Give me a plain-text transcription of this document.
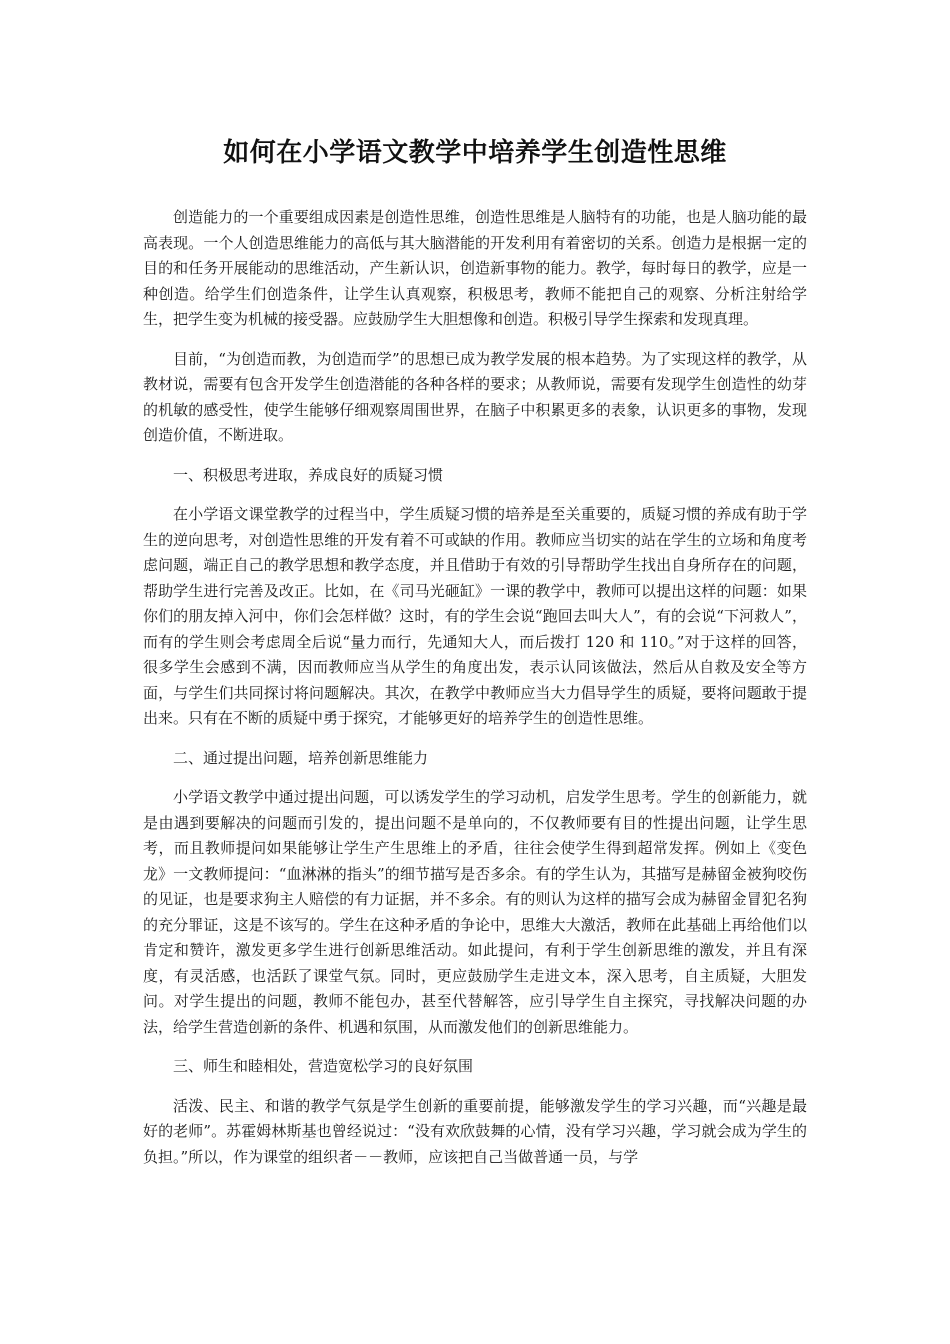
如何在小学语文教学中培养学生创造性思维

创造能力的一个重要组成因素是创造性思维，创造性思维是人脑特有的功能，也是人脑功能的最高表现。一个人创造思维能力的高低与其大脑潜能的开发利用有着密切的关系。创造力是根据一定的目的和任务开展能动的思维活动，产生新认识，创造新事物的能力。教学，每时每日的教学，应是一种创造。给学生们创造条件，让学生认真观察，积极思考，教师不能把自己的观察、分析注射给学生，把学生变为机械的接受器。应鼓励学生大胆想像和创造。积极引导学生探索和发现真理。

目前，“为创造而教，为创造而学”的思想已成为教学发展的根本趋势。为了实现这样的教学，从教材说，需要有包含开发学生创造潜能的各种各样的要求；从教师说，需要有发现学生创造性的幼芽的机敏的感受性，使学生能够仔细观察周围世界，在脑子中积累更多的表象，认识更多的事物，发现创造价值，不断进取。

一、积极思考进取，养成良好的质疑习惯

在小学语文课堂教学的过程当中，学生质疑习惯的培养是至关重要的，质疑习惯的养成有助于学生的逆向思考，对创造性思维的开发有着不可或缺的作用。教师应当切实的站在学生的立场和角度考虑问题，端正自己的教学思想和教学态度，并且借助于有效的引导帮助学生找出自身所存在的问题，帮助学生进行完善及改正。比如，在《司马光砸缸》一课的教学中，教师可以提出这样的问题：如果你们的朋友掉入河中，你们会怎样做？这时，有的学生会说“跑回去叫大人”，有的会说“下河救人”，而有的学生则会考虑周全后说“量力而行，先通知大人，而后拨打 120 和 110。”对于这样的回答，很多学生会感到不满，因而教师应当从学生的角度出发，表示认同该做法，然后从自救及安全等方面，与学生们共同探讨将问题解决。其次，在教学中教师应当大力倡导学生的质疑，要将问题敢于提出来。只有在不断的质疑中勇于探究，才能够更好的培养学生的创造性思维。

二、通过提出问题，培养创新思维能力

小学语文教学中通过提出问题，可以诱发学生的学习动机，启发学生思考。学生的创新能力，就是由遇到要解决的问题而引发的，提出问题不是单向的，不仅教师要有目的性提出问题，让学生思考，而且教师提问如果能够让学生产生思维上的矛盾，往往会使学生得到超常发挥。例如上《变色龙》一文教师提问：“血淋淋的指头”的细节描写是否多余。有的学生认为，其描写是赫留金被狗咬伤的见证，也是要求狗主人赔偿的有力证据，并不多余。有的则认为这样的描写会成为赫留金冒犯名狗的充分罪证，这是不该写的。学生在这种矛盾的争论中，思维大大激活，教师在此基础上再给他们以肯定和赞许，激发更多学生进行创新思维活动。如此提问，有利于学生创新思维的激发，并且有深度，有灵活感，也活跃了课堂气氛。同时，更应鼓励学生走进文本，深入思考，自主质疑，大胆发问。对学生提出的问题，教师不能包办，甚至代替解答，应引导学生自主探究，寻找解决问题的办法，给学生营造创新的条件、机遇和氛围，从而激发他们的创新思维能力。

三、师生和睦相处，营造宽松学习的良好氛围

活泼、民主、和谐的教学气氛是学生创新的重要前提，能够激发学生的学习兴趣，而“兴趣是最好的老师”。苏霍姆林斯基也曾经说过：“没有欢欣鼓舞的心情，没有学习兴趣，学习就会成为学生的负担。”所以，作为课堂的组织者－－教师，应该把自己当做普通一员，与学
